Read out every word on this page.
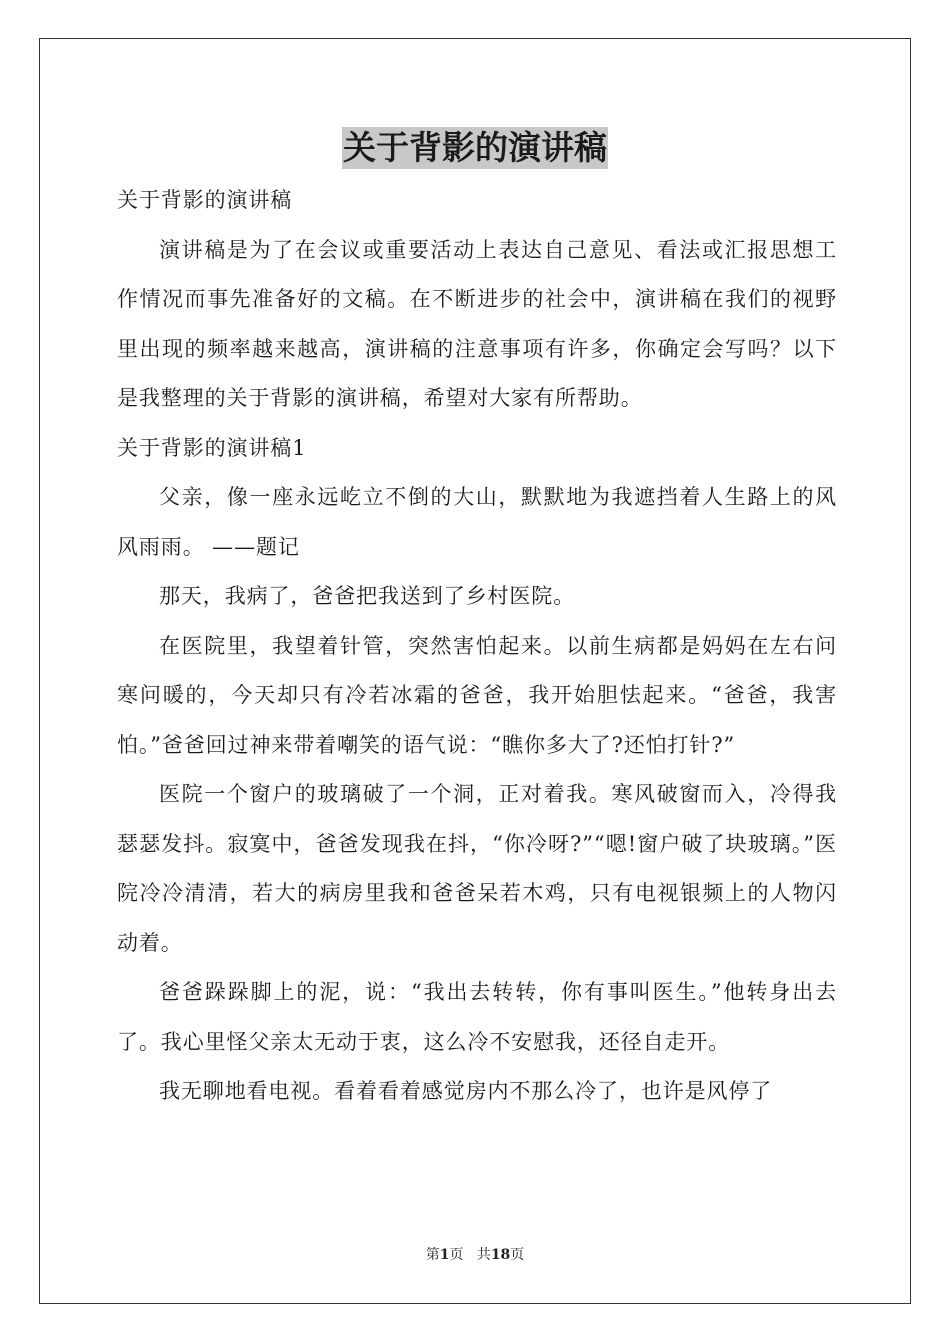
关于背影的演讲稿

关于背影的演讲稿

演讲稿是为了在会议或重要活动上表达自己意见、看法或汇报思想工作情况而事先准备好的文稿。在不断进步的社会中，演讲稿在我们的视野里出现的频率越来越高，演讲稿的注意事项有许多，你确定会写吗？以下是我整理的关于背影的演讲稿，希望对大家有所帮助。

关于背影的演讲稿1

父亲，像一座永远屹立不倒的大山，默默地为我遮挡着人生路上的风风雨雨。 ——题记

那天，我病了，爸爸把我送到了乡村医院。

在医院里，我望着针管，突然害怕起来。以前生病都是妈妈在左右问寒问暖的，今天却只有冷若冰霜的爸爸，我开始胆怯起来。“爸爸，我害怕。”爸爸回过神来带着嘲笑的语气说：“瞧你多大了?还怕打针?”

医院一个窗户的玻璃破了一个洞，正对着我。寒风破窗而入，冷得我瑟瑟发抖。寂寞中，爸爸发现我在抖，“你冷呀?”“嗯!窗户破了块玻璃。”医院冷冷清清，若大的病房里我和爸爸呆若木鸡，只有电视银频上的人物闪动着。

爸爸跺跺脚上的泥，说：“我出去转转，你有事叫医生。”他转身出去了。我心里怪父亲太无动于衷，这么冷不安慰我，还径自走开。

我无聊地看电视。看着看着感觉房内不那么冷了，也许是风停了

第1页   共18页
